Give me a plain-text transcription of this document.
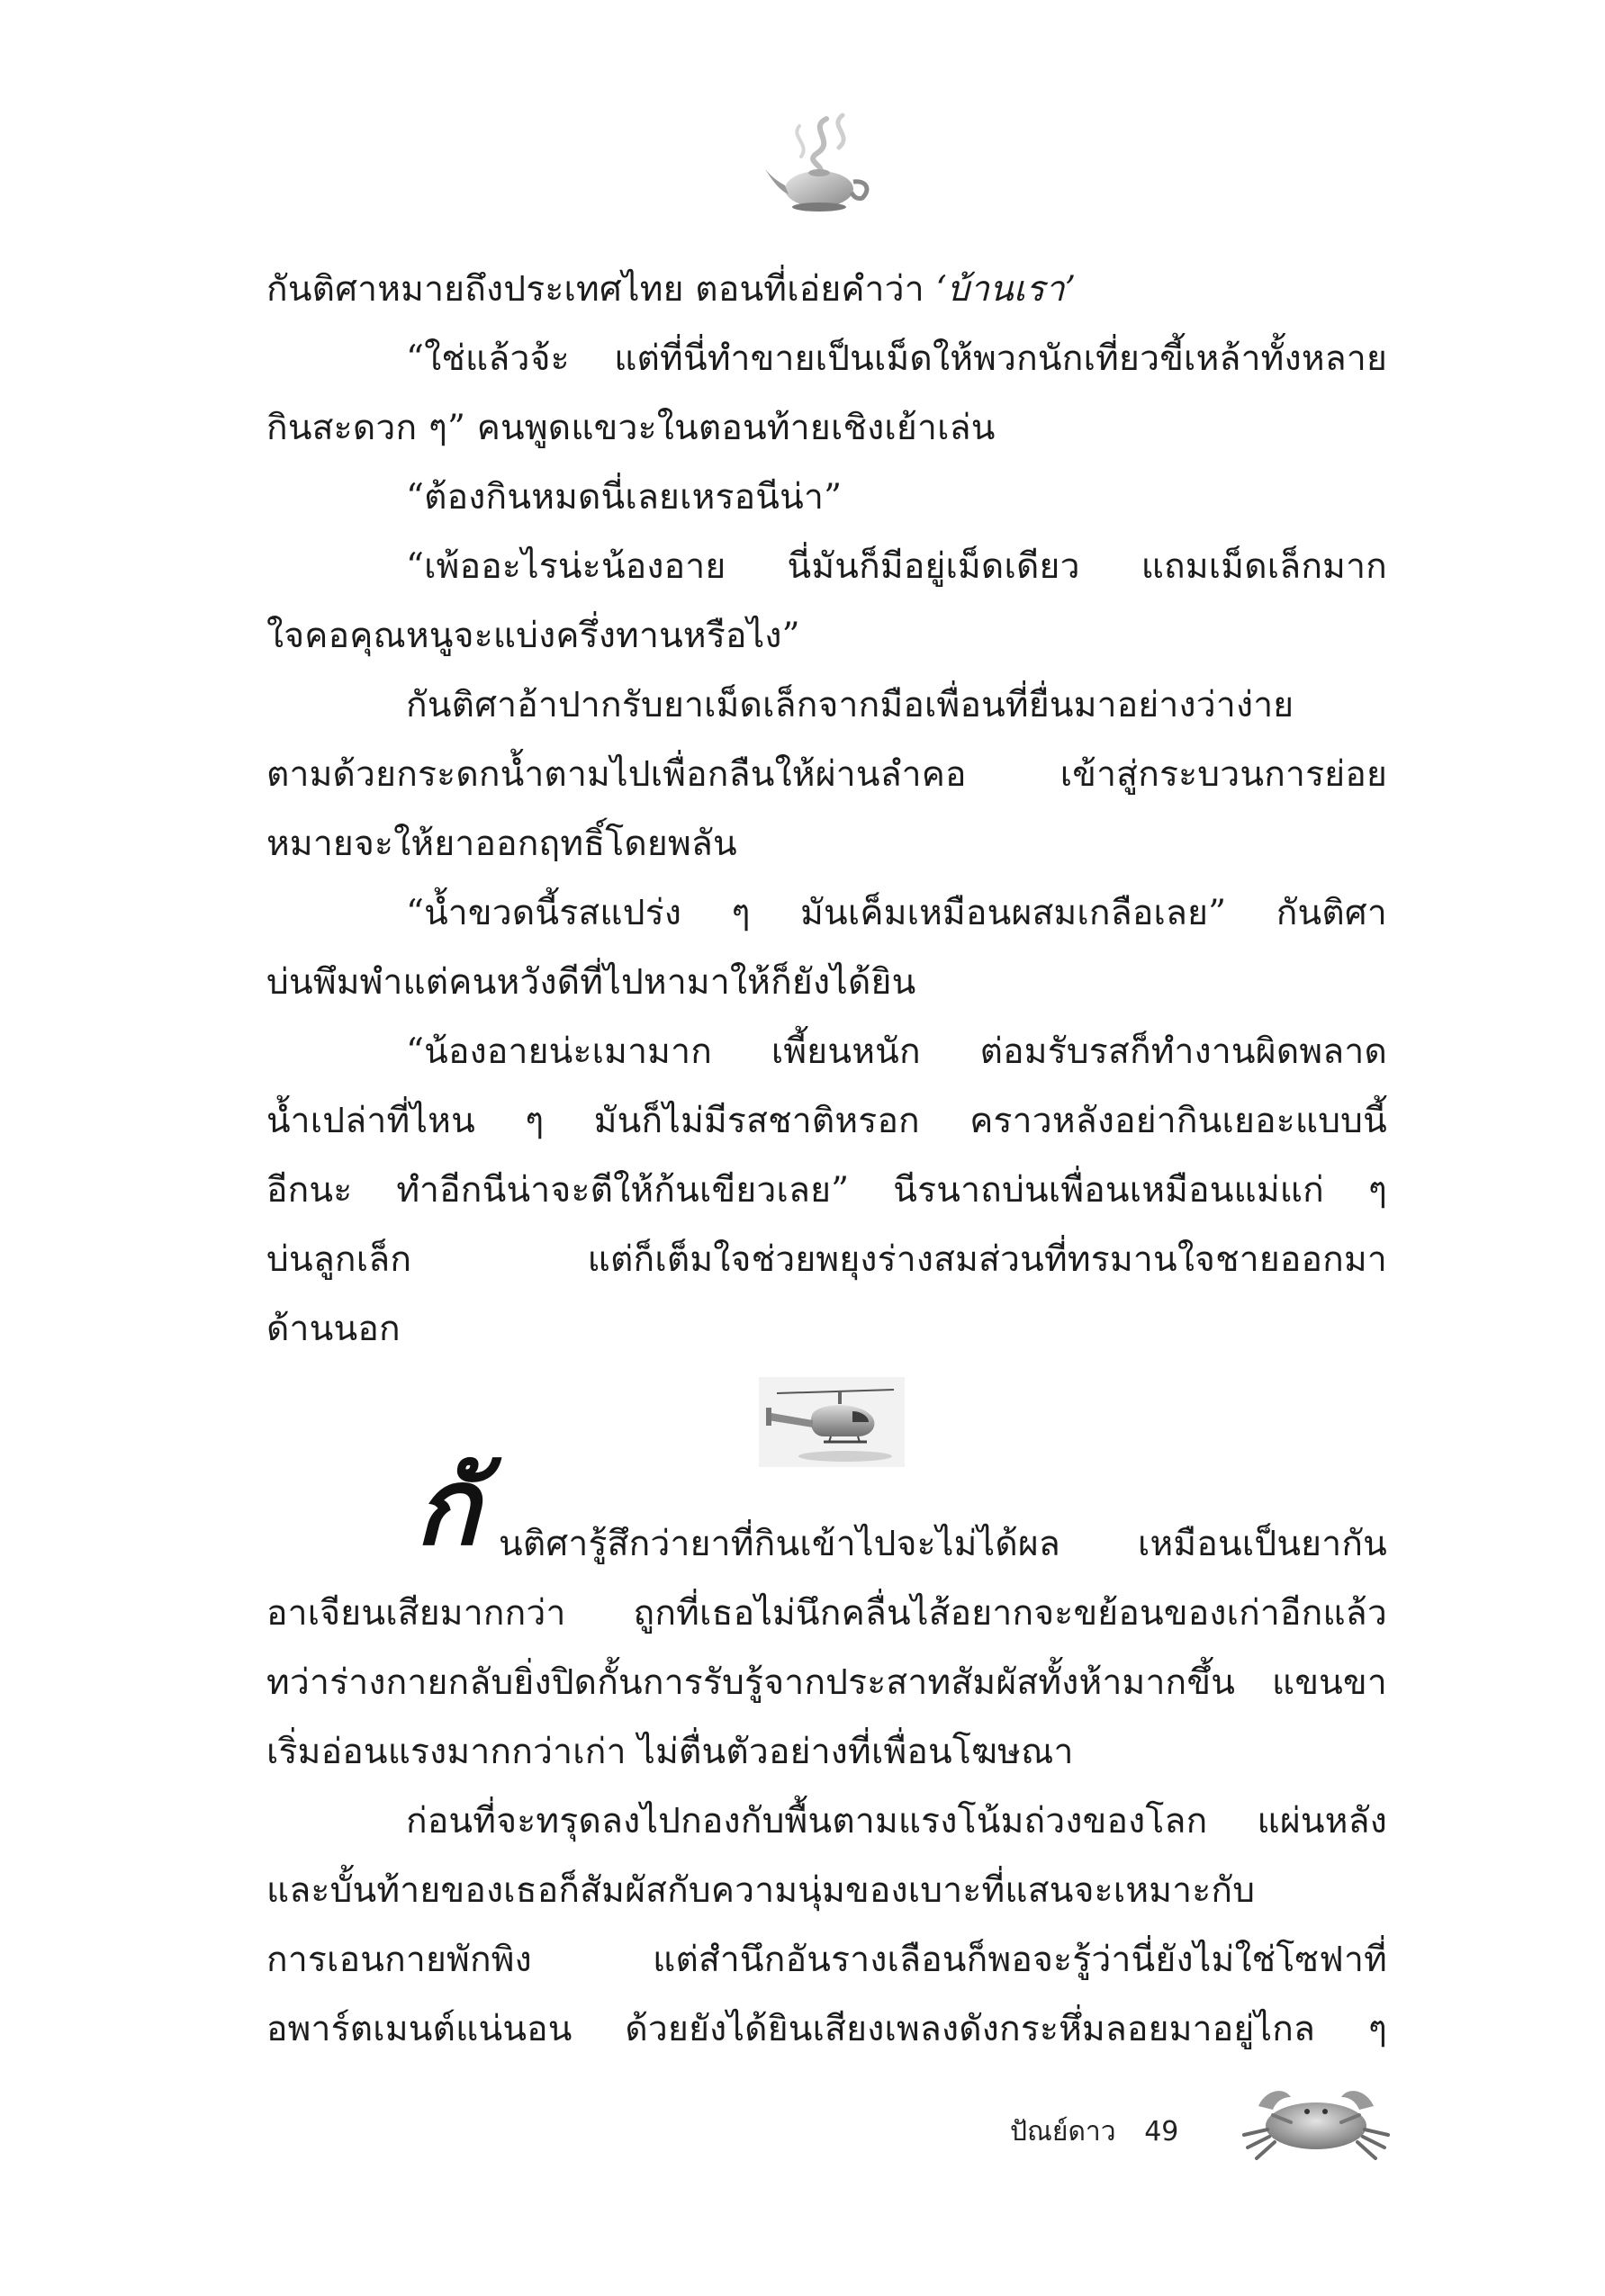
กันติศาหมายถึงประเทศไทย ตอนที่เอ่ยคำว่า ‘บ้านเรา’
“ใช่แล้วจ้ะ แต่ที่นี่ทำขายเป็นเม็ดให้พวกนักเที่ยวขี้เหล้าทั้งหลาย
กินสะดวก ๆ” คนพูดแขวะในตอนท้ายเชิงเย้าเล่น
“ต้องกินหมดนี่เลยเหรอนีน่า”
“เพ้ออะไรน่ะน้องอาย นี่มันก็มีอยู่เม็ดเดียว แถมเม็ดเล็กมาก
ใจคอคุณหนูจะแบ่งครึ่งทานหรือไง”
กันติศาอ้าปากรับยาเม็ดเล็กจากมือเพื่อนที่ยื่นมาอย่างว่าง่าย
ตามด้วยกระดกน้ำตามไปเพื่อกลืนให้ผ่านลำคอ เข้าสู่กระบวนการย่อย
หมายจะให้ยาออกฤทธิ์โดยพลัน
“น้ำขวดนี้รสแปร่ง ๆ มันเค็มเหมือนผสมเกลือเลย” กันติศา
บ่นพึมพำแต่คนหวังดีที่ไปหามาให้ก็ยังได้ยิน
“น้องอายน่ะเมามาก เพี้ยนหนัก ต่อมรับรสก็ทำงานผิดพลาด
น้ำเปล่าที่ไหน ๆ มันก็ไม่มีรสชาติหรอก คราวหลังอย่ากินเยอะแบบนี้
อีกนะ ทำอีกนีน่าจะตีให้ก้นเขียวเลย” นีรนาถบ่นเพื่อนเหมือนแม่แก่ ๆ
บ่นลูกเล็ก แต่ก็เต็มใจช่วยพยุงร่างสมส่วนที่ทรมานใจชายออกมา
ด้านนอก
กั นติศารู้สึกว่ายาที่กินเข้าไปจะไม่ได้ผล เหมือนเป็นยากัน
อาเจียนเสียมากกว่า ถูกที่เธอไม่นึกคลื่นไส้อยากจะขย้อนของเก่าอีกแล้ว
ทว่าร่างกายกลับยิ่งปิดกั้นการรับรู้จากประสาทสัมผัสทั้งห้ามากขึ้น แขนขา
เริ่มอ่อนแรงมากกว่าเก่า ไม่ตื่นตัวอย่างที่เพื่อนโฆษณา
ก่อนที่จะทรุดลงไปกองกับพื้นตามแรงโน้มถ่วงของโลก แผ่นหลัง
และบั้นท้ายของเธอก็สัมผัสกับความนุ่มของเบาะที่แสนจะเหมาะกับ
การเอนกายพักพิง แต่สำนึกอันรางเลือนก็พอจะรู้ว่านี่ยังไม่ใช่โซฟาที่
อพาร์ตเมนต์แน่นอน ด้วยยังได้ยินเสียงเพลงดังกระหึ่มลอยมาอยู่ไกล ๆ
ปัณย์ดาว 49
